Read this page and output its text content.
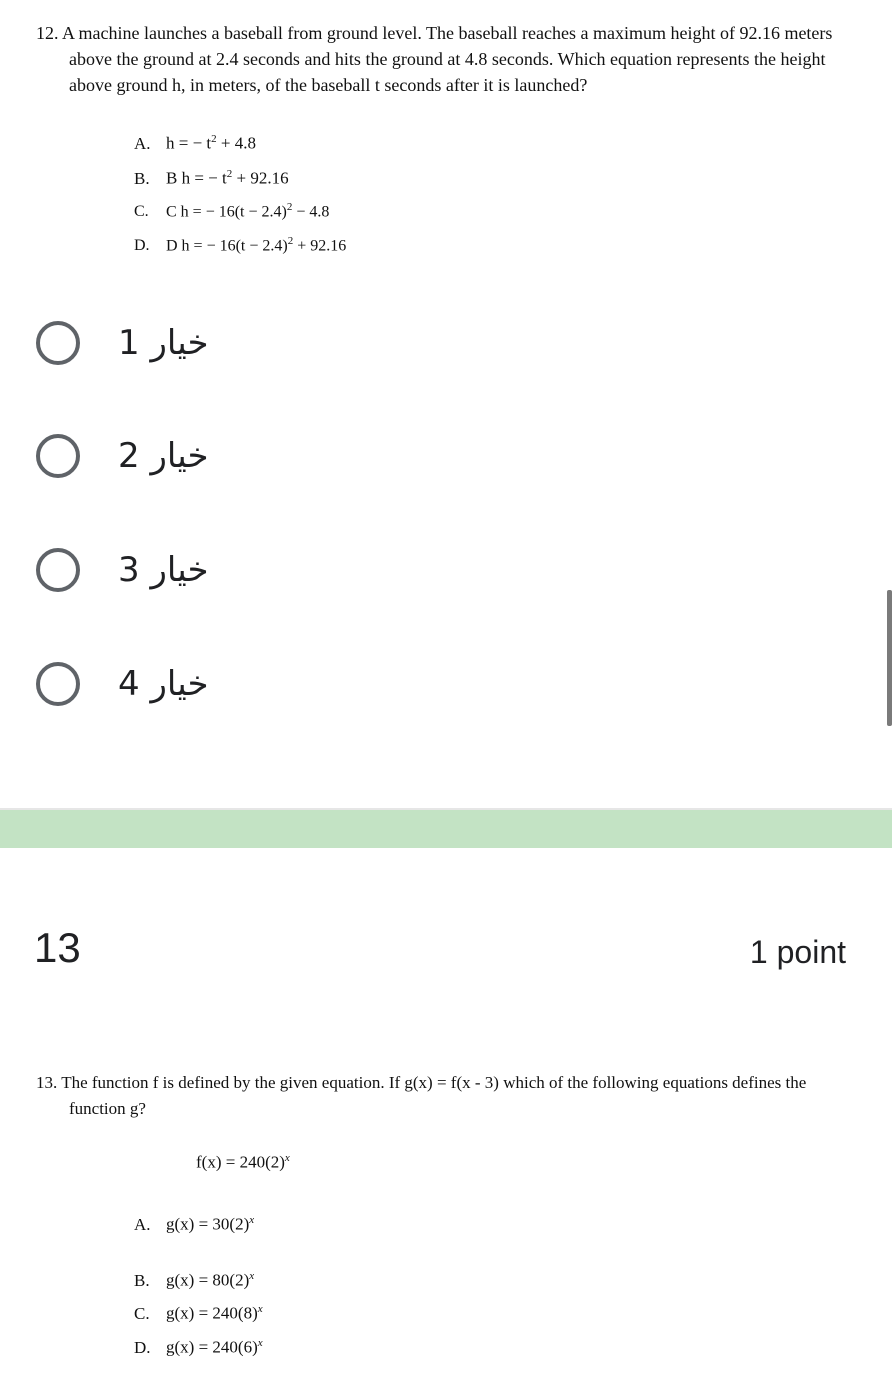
12. A machine launches a baseball from ground level. The baseball reaches a maximum height of 92.16 meters above the ground at 2.4 seconds and hits the ground at 4.8 seconds. Which equation represents the height above ground h, in meters, of the baseball t seconds after it is launched?
A. h = − $t^2 + 4.8$
B. B h = − $t^2 + 92.16$
C. C h = − $16(t - 2.4)^2 - 4.8$
D. D h = − $16(t - 2.4)^2 + 92.16$
خيار 1
خيار 2
خيار 3
خيار 4
13	1 point
13. The function f is defined by the given equation. If g(x) = f(x - 3) which of the following equations defines the function g?
$f(x) = 240(2)^x$
A. $g(x) = 30(2)^x$
B. $g(x) = 80(2)^x$
C. $g(x) = 240(8)^x$
D. $g(x) = 240(6)^x$
